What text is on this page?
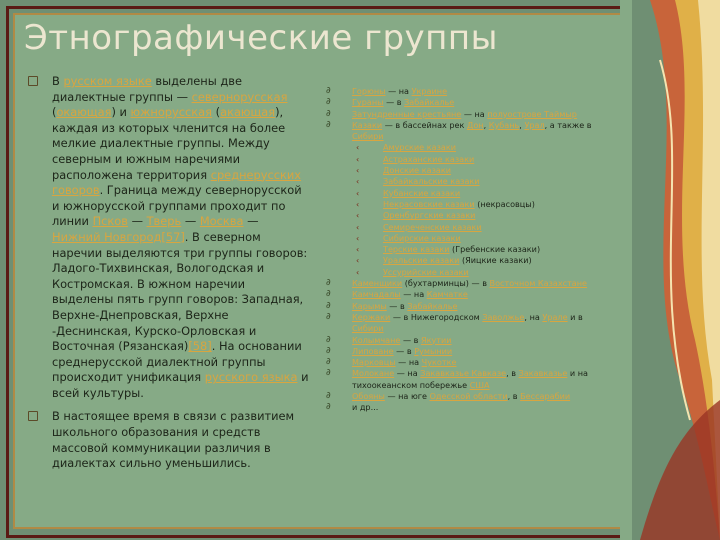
Этнографические группы
В русском языке выделены две диалектные группы — севернорусская (окающая) и южнорусская (акающая), каждая из которых членится на более мелкие диалектные группы. Между северным и южным наречиями расположена территория среднерусских говоров. Граница между севернорусской и южнорусской группами проходит по линии Псков — Тверь — Москва — Нижний Новгород[57]. В северном наречии выделяются три группы говоров: Ладого-Тихвинская, Вологодская и Костромская. В южном наречии выделены пять групп говоров: Западная, Верхне-Днепровская, Верхне -Деснинская, Курско-Орловская и Восточная (Рязанская)[58]. На основании среднерусской диалектной группы происходит унификация русского языка и всей культуры.
В настоящее время в связи с развитием школьного образования и средств массовой коммуникации различия в диалектах сильно уменьшились.
∂	Горюны — на Украине
∂	Гураны — в Забайкалье
∂	Затундренные крестьяне — на полуострове Таймыр
∂	Казаки — в бассейнах рек Дон, Кубань, Урал, а также в Сибири
‹	Амурские казаки
‹	Астраханские казаки
‹	Донские казаки
‹	Забайкальские казаки
‹	Кубанские казаки
‹	Некрасовские казаки (некрасовцы)
‹	Оренбургские казаки
‹	Семиреченские казаки
‹	Сибирские казаки
‹	Терские казаки (Гребенские казаки)
‹	Уральские казаки (Яицкие казаки)
‹	Уссурийские казаки
∂	Каменщики (бухтарминцы) — в Восточном Казахстане
∂	Камчадалы — на Камчатке
∂	Карымы — в Забайкалье
∂	Кержаки — в Нижегородском Заволжье, на Урале и в Сибири
∂	Колымчане — в Якутии
∂	Липоване — в Румынии
∂	Марковцы — на Чукотке
∂	Молокане — на Закавказье Кавказе, в Закавказье и на тихоокеанском побережье США
∂	Обояны — на юге Одесской области, в Бессарабии
∂	и др...
